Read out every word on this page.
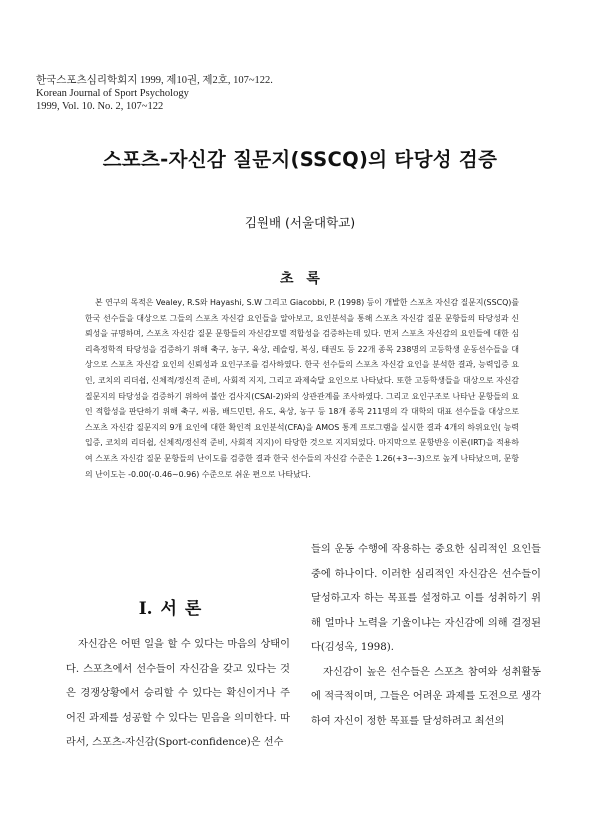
한국스포츠심리학회지 1999, 제10권, 제2호, 107~122.
Korean Journal of Sport Psychology
1999, Vol. 10. No. 2, 107~122
스포츠-자신감 질문지(SSCQ)의 타당성 검증
김원배 (서울대학교)
초 록
본 연구의 목적은 Vealey, R.S와 Hayashi, S.W 그리고 Giacobbi, P. (1998) 등이 개발한 스포츠 자신감 질문지(SSCQ)를 한국 선수들을 대상으로 그들의 스포츠 자신감 요인들을 알아보고, 요인분석을 통해 스포츠 자신감 질문 문항들의 타당성과 신뢰성을 규명하며, 스포츠 자신감 질문 문항들의 자신감모델 적합성을 검증하는데 있다. 먼저 스포츠 자신감의 요인들에 대한 심리측정학적 타당성을 검증하기 위해 축구, 농구, 육상, 레슬링, 복싱, 태권도 등 22개 종목 238명의 고등학생 운동선수들을 대상으로 스포츠 자신감 요인의 신뢰성과 요인구조를 검사하였다. 한국 선수들의 스포츠 자신감 요인을 분석한 결과, 능력입증 요인, 코치의 리더쉽, 신체적/정신적 준비, 사회적 지지, 그리고 과제숙달 요인으로 나타났다. 또한 고등학생들을 대상으로 자신감 질문지의 타당성을 검증하기 위하여 불안 검사지(CSAI-2)와의 상관관계를 조사하였다. 그리고 요인구조로 나타난 문항들의 요인 적합성을 판단하기 위해 축구, 씨름, 배드민턴, 유도, 육상, 농구 등 18개 종목 211명의 각 대학의 대표 선수들을 대상으로 스포츠 자신감 질문지의 9개 요인에 대한 확인적 요인분석(CFA)을 AMOS 통계 프로그램을 실시한 결과 4개의 하위요인( 능력입증, 코치의 리더쉽, 신체적/정신적 준비, 사회적 지지)이 타당한 것으로 지지되었다. 마지막으로 문항반응 이론(IRT)을 적용하여 스포츠 자신감 질문 문항들의 난이도를 검증한 결과 한국 선수들의 자신감 수준은 1.26(+3~-3)으로 높게 나타났으며, 문항의 난이도는 -0.00(-0.46~0.96) 수준으로 쉬운 편으로 나타났다.
I. 서 론
자신감은 어떤 일을 할 수 있다는 마음의 상태이다. 스포츠에서 선수들이 자신감을 갖고 있다는 것은 경쟁상황에서 승리할 수 있다는 확신이거나 주어진 과제를 성공할 수 있다는 믿음을 의미한다. 따라서, 스포츠-자신감(Sport-confidence)은 선수

들의 운동 수행에 작용하는 중요한 심리적인 요인들 중에 하나이다. 이러한 심리적인 자신감은 선수들이 달성하고자 하는 목표를 설정하고 이를 성취하기 위해 얼마나 노력을 기울이냐는 자신감에 의해 결정된다(김성옥, 1998).

자신감이 높은 선수들은 스포츠 참여와 성취활동에 적극적이며, 그들은 어려운 과제를 도전으로 생각하여 자신이 정한 목표를 달성하려고 최선의
